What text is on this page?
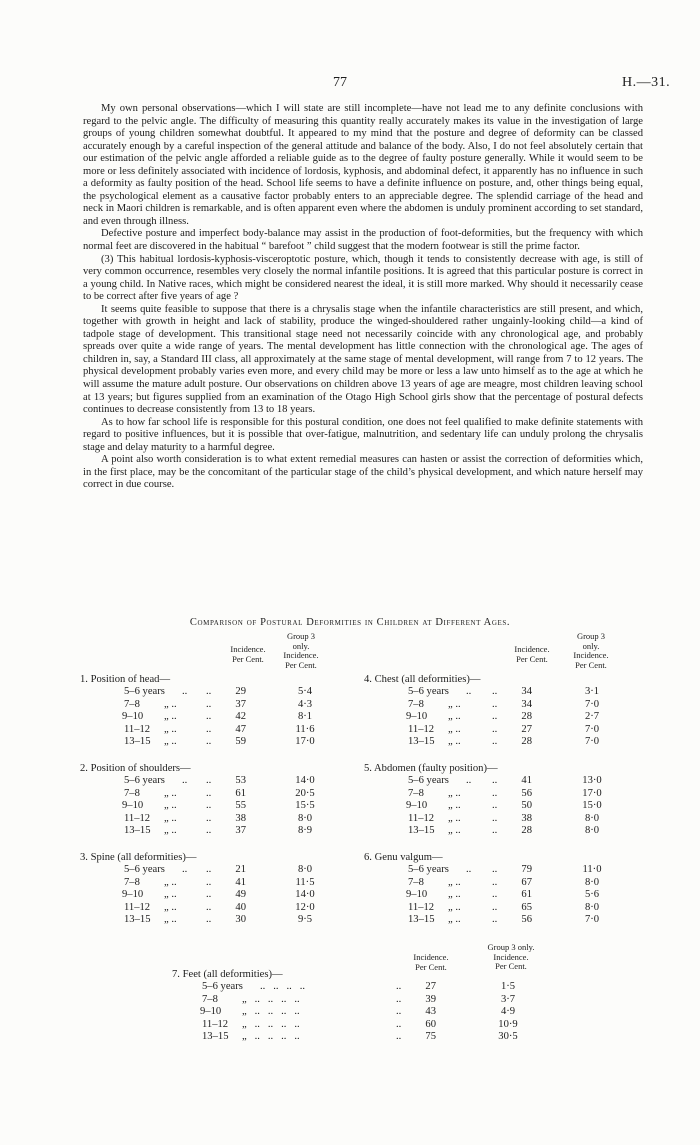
77	H.—31.

My own personal observations—which I will state are still incomplete—have not lead me to any definite conclusions with regard to the pelvic angle. The difficulty of measuring this quantity really accurately makes its value in the investigation of large groups of young children somewhat doubtful. It appeared to my mind that the posture and degree of deformity can be classed accurately enough by a careful inspection of the general attitude and balance of the body. Also, I do not feel absolutely certain that our estimation of the pelvic angle afforded a reliable guide as to the degree of faulty posture generally. While it would seem to be more or less definitely associated with incidence of lordosis, kyphosis, and abdominal defect, it apparently has no influence in such a deformity as faulty position of the head. School life seems to have a definite influence on posture, and, other things being equal, the psychological element as a causative factor probably enters to an appreciable degree. The splendid carriage of the head and neck in Maori children is remarkable, and is often apparent even where the abdomen is unduly prominent according to set standard, and even through illness.

Defective posture and imperfect body-balance may assist in the production of foot-deformities, but the frequency with which normal feet are discovered in the habitual “ barefoot ” child suggest that the modern footwear is still the prime factor.

(3) This habitual lordosis-kyphosis-visceroptotic posture, which, though it tends to consistently decrease with age, is still of very common occurrence, resembles very closely the normal infantile positions. It is agreed that this particular posture is correct in a young child. In Native races, which might be considered nearest the ideal, it is still more marked. Why should it necessarily cease to be correct after five years of age ?

It seems quite feasible to suppose that there is a chrysalis stage when the infantile characteristics are still present, and which, together with growth in height and lack of stability, produce the winged-shouldered rather ungainly-looking child—a kind of tadpole stage of development. This transitional stage need not necessarily coincide with any chronological age, and probably spreads over quite a wide range of years. The mental development has little connection with the chronological age. The ages of children in, say, a Standard III class, all approximately at the same stage of mental development, will range from 7 to 12 years. The physical development probably varies even more, and every child may be more or less a law unto himself as to the age at which he will assume the mature adult posture. Our observations on children above 13 years of age are meagre, most children leaving school at 13 years; but figures supplied from an examination of the Otago High School girls show that the percentage of postural defects continues to decrease consistently from 13 to 18 years.

As to how far school life is responsible for this postural condition, one does not feel qualified to make definite statements with regard to positive influences, but it is possible that over-fatigue, malnutrition, and sedentary life can unduly prolong the chrysalis stage and delay maturity to a harmful degree.

A point also worth consideration is to what extent remedial measures can hasten or assist the correction of deformities which, in the first place, may be the concomitant of the particular stage of the child’s physical development, and which nature herself may correct in due course.

Comparison of Postural Deformities in Children at Different Ages.
Incidence.
Per Cent.
Group 3
only.
Incidence.
Per Cent.
Incidence.
Per Cent.
Group 3
only.
Incidence.
Per Cent.
Incidence.
Per Cent.
Group 3 only.
Incidence.
Per Cent.
1. Position of head—
5–6 years .. ..	29	5·4
7–8 „ ..	..	37	4·3
9–10 „ ..	..	42	8·1
11–12 „ ..	..	47	11·6
13–15 „ ..	..	59	17·0
2. Position of shoulders—
5–6 years .. ..	53	14·0
7–8 „ ..	..	61	20·5
9–10 „ ..	..	55	15·5
11–12 „ ..	..	38	8·0
13–15 „ ..	..	37	8·9
3. Spine (all deformities)—
5–6 years .. ..	21	8·0
7–8 „ ..	..	41	11·5
9–10 „ ..	..	49	14·0
11–12 „ ..	..	40	12·0
13–15 „ ..	..	30	9·5
4. Chest (all deformities)—
5–6 years .. ..	34	3·1
7–8 „ ..	..	34	7·0
9–10 „ ..	..	28	2·7
11–12 „ ..	..	27	7·0
13–15 „ ..	..	28	7·0
5. Abdomen (faulty position)—
5–6 years .. ..	41	13·0
7–8 „ ..	..	56	17·0
9–10 „ ..	..	50	15·0
11–12 „ ..	..	38	8·0
13–15 „ ..	..	28	8·0
6. Genu valgum—
5–6 years .. ..	79	11·0
7–8 „ ..	..	67	8·0
9–10 „ ..	..	61	5·6
11–12 „ ..	..	65	8·0
13–15 „ ..	..	56	7·0
7. Feet (all deformities)—
5–6 years ..   ..   ..   ..	..	27	1·5
7–8 „   ..   ..   ..   ..	..	39	3·7
9–10 „   ..   ..   ..   ..	..	43	4·9
11–12 „   ..   ..   ..   ..	..	60	10·9
13–15 „   ..   ..   ..   ..	..	75	30·5
